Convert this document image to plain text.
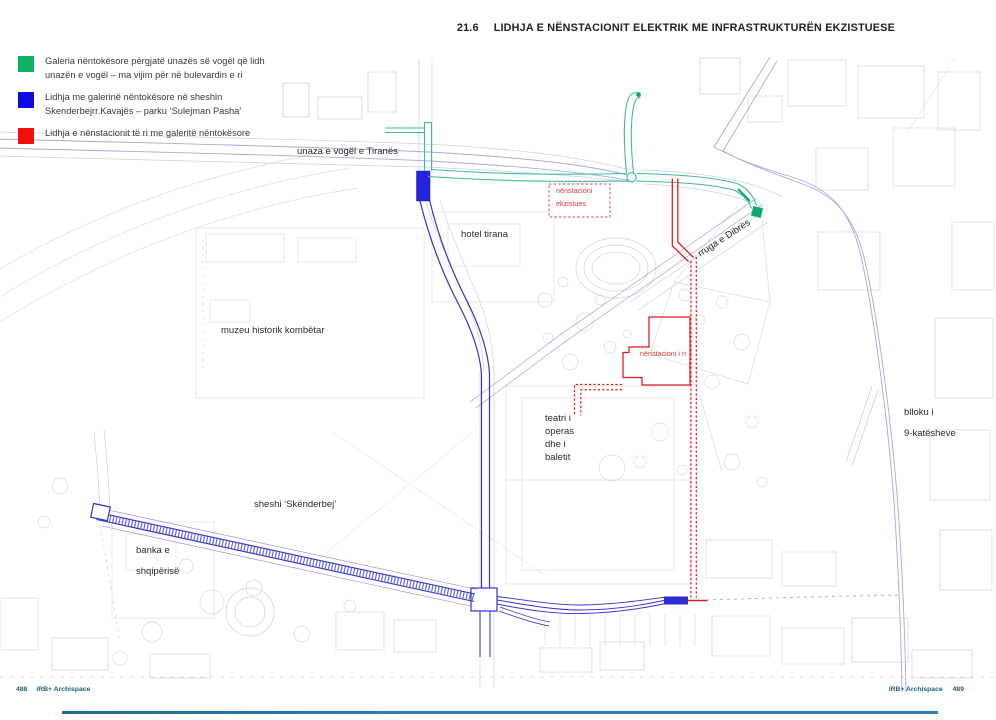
21.6 LIDHJA E NËNSTACIONIT ELEKTRIK ME INFRASTRUKTURËN EKZISTUESE
Galeria nëntokësore përgjatë unazës së vogël që lidh unazën e vogël – ma vijim për në bulevardin e ri
Lidhja me galerinë nëntokësore në sheshin Skenderbejrr.Kavajës – parku ‘Sulejman Pasha’
Lidhja e nënstacionit të ri me galeritë nëntokësore
unaza e vogël e Tiranës
hotel tirana
muzeu historik kombëtar
rruga e Dibrës
sheshi ‘Skënderbej’
banka e
shqipërisë
blloku i
9-katësheve
teatri i
operas
dhe i
baletit
nënstacioni
ekzistues
nënstacioni i ri
488 iRB+ Archispace	iRB+ Archispace 489
